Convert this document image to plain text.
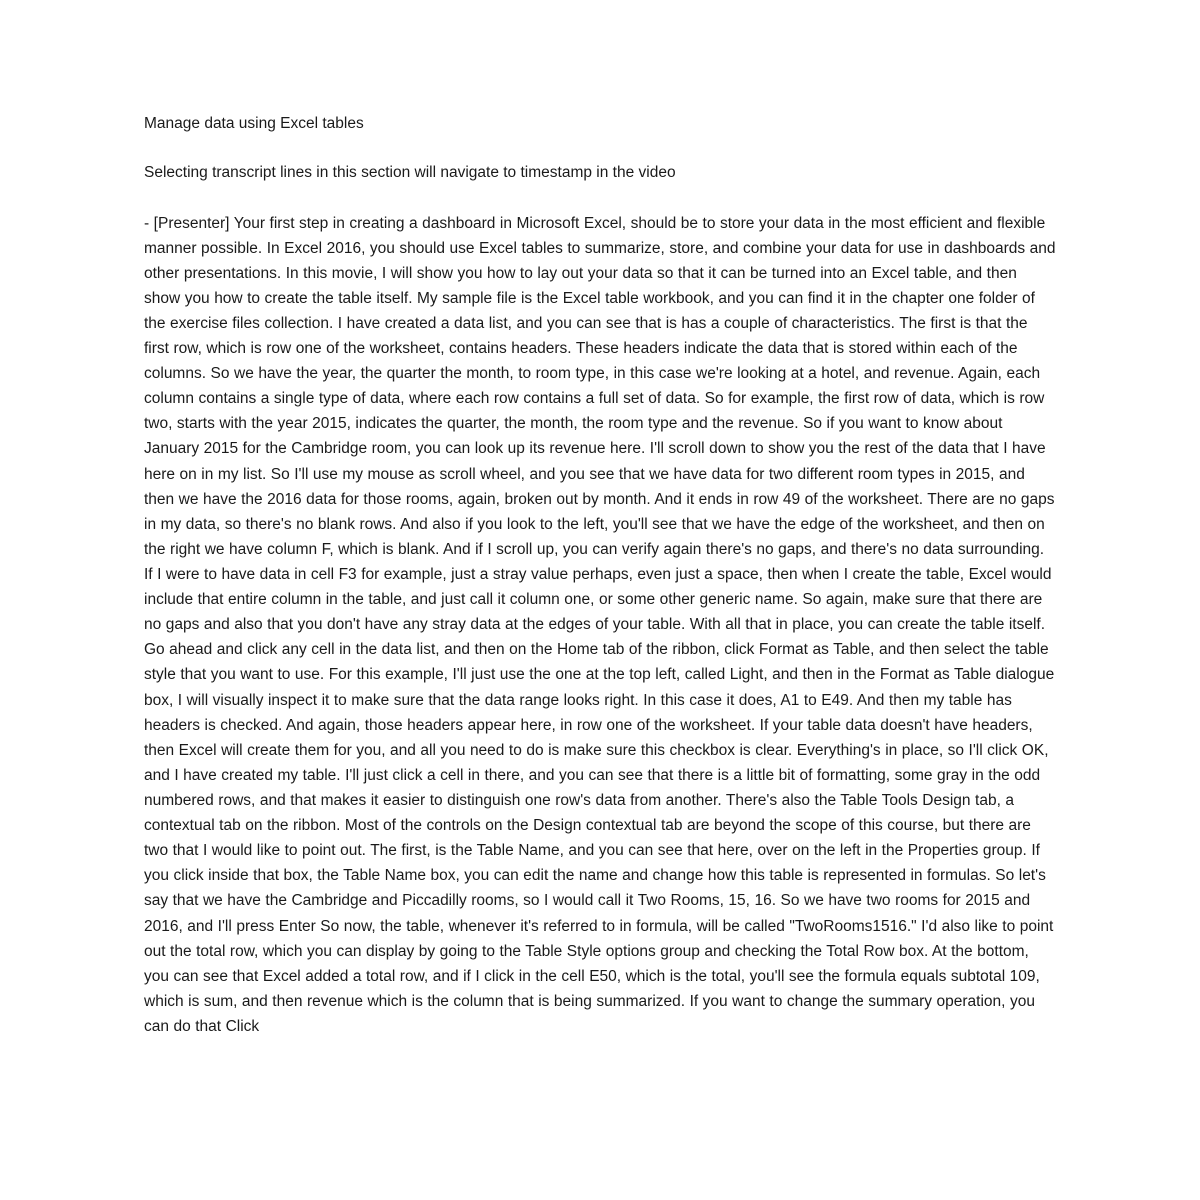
Manage data using Excel tables

Selecting transcript lines in this section will navigate to timestamp in the video

- [Presenter] Your first step in creating a dashboard in Microsoft Excel, should be to store your data in the most efficient and flexible manner possible. In Excel 2016, you should use Excel tables to summarize, store, and combine your data for use in dashboards and other presentations. In this movie, I will show you how to lay out your data so that it can be turned into an Excel table, and then show you how to create the table itself. My sample file is the Excel table workbook, and you can find it in the chapter one folder of the exercise files collection. I have created a data list, and you can see that is has a couple of characteristics. The first is that the first row, which is row one of the worksheet, contains headers. These headers indicate the data that is stored within each of the columns. So we have the year, the quarter the month, to room type, in this case we're looking at a hotel, and revenue. Again, each column contains a single type of data, where each row contains a full set of data. So for example, the first row of data, which is row two, starts with the year 2015, indicates the quarter, the month, the room type and the revenue. So if you want to know about January 2015 for the Cambridge room, you can look up its revenue here. I'll scroll down to show you the rest of the data that I have here on in my list. So I'll use my mouse as scroll wheel, and you see that we have data for two different room types in 2015, and then we have the 2016 data for those rooms, again, broken out by month. And it ends in row 49 of the worksheet. There are no gaps in my data, so there's no blank rows. And also if you look to the left, you'll see that we have the edge of the worksheet, and then on the right we have column F, which is blank. And if I scroll up, you can verify again there's no gaps, and there's no data surrounding. If I were to have data in cell F3 for example, just a stray value perhaps, even just a space, then when I create the table, Excel would include that entire column in the table, and just call it column one, or some other generic name. So again, make sure that there are no gaps and also that you don't have any stray data at the edges of your table. With all that in place, you can create the table itself. Go ahead and click any cell in the data list, and then on the Home tab of the ribbon, click Format as Table, and then select the table style that you want to use. For this example, I'll just use the one at the top left, called Light, and then in the Format as Table dialogue box, I will visually inspect it to make sure that the data range looks right. In this case it does, A1 to E49. And then my table has headers is checked. And again, those headers appear here, in row one of the worksheet. If your table data doesn't have headers, then Excel will create them for you, and all you need to do is make sure this checkbox is clear. Everything's in place, so I'll click OK, and I have created my table. I'll just click a cell in there, and you can see that there is a little bit of formatting, some gray in the odd numbered rows, and that makes it easier to distinguish one row's data from another. There's also the Table Tools Design tab, a contextual tab on the ribbon. Most of the controls on the Design contextual tab are beyond the scope of this course, but there are two that I would like to point out. The first, is the Table Name, and you can see that here, over on the left in the Properties group. If you click inside that box, the Table Name box, you can edit the name and change how this table is represented in formulas. So let's say that we have the Cambridge and Piccadilly rooms, so I would call it Two Rooms, 15, 16. So we have two rooms for 2015 and 2016, and I'll press Enter So now, the table, whenever it's referred to in formula, will be called "TwoRooms1516." I'd also like to point out the total row, which you can display by going to the Table Style options group and checking the Total Row box. At the bottom, you can see that Excel added a total row, and if I click in the cell E50, which is the total, you'll see the formula equals subtotal 109, which is sum, and then revenue which is the column that is being summarized. If you want to change the summary operation, you can do that Click
